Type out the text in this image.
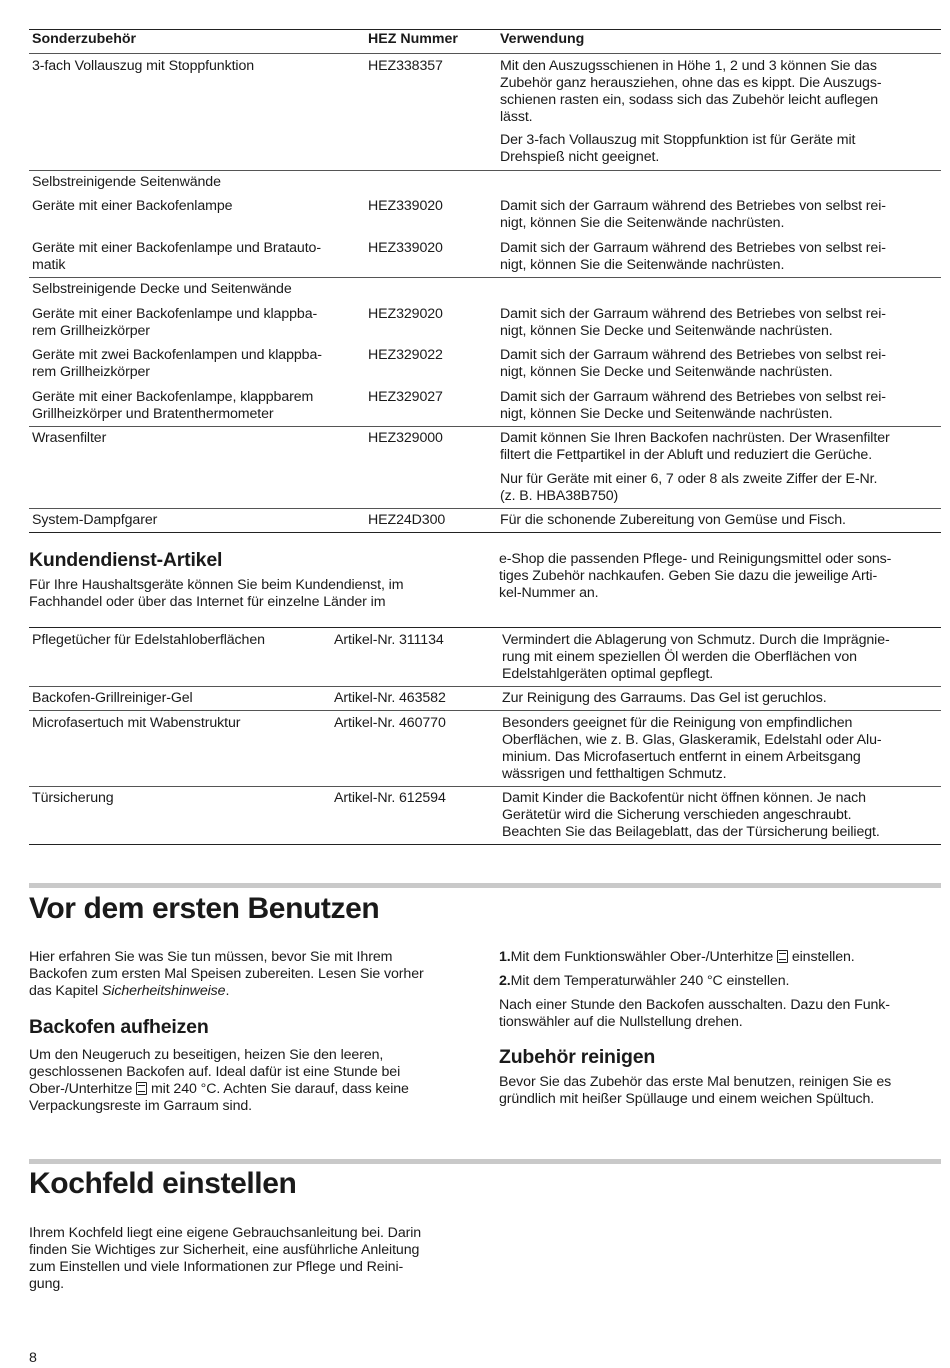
Sonderzubehör	HEZ Nummer	Verwendung
3-fach Vollauszug mit Stoppfunktion	HEZ338357	Mit den Auszugsschienen in Höhe 1, 2 und 3 können Sie das
Zubehör ganz herausziehen, ohne das es kippt. Die Auszugs-
schienen rasten ein, sodass sich das Zubehör leicht auflegen
lässt.
Der 3-fach Vollauszug mit Stoppfunktion ist für Geräte mit
Drehspieß nicht geeignet.
Selbstreinigende Seitenwände
Geräte mit einer Backofenlampe	HEZ339020	Damit sich der Garraum während des Betriebes von selbst rei-
nigt, können Sie die Seitenwände nachrüsten.
Geräte mit einer Backofenlampe und Bratauto-
matik
HEZ339020	Damit sich der Garraum während des Betriebes von selbst rei-
nigt, können Sie die Seitenwände nachrüsten.
Selbstreinigende Decke und Seitenwände
Geräte mit einer Backofenlampe und klappba-
rem Grillheizkörper
HEZ329020	Damit sich der Garraum während des Betriebes von selbst rei-
nigt, können Sie Decke und Seitenwände nachrüsten.
Geräte mit zwei Backofenlampen und klappba-
rem Grillheizkörper
HEZ329022	Damit sich der Garraum während des Betriebes von selbst rei-
nigt, können Sie Decke und Seitenwände nachrüsten.
Geräte mit einer Backofenlampe, klappbarem
Grillheizkörper und Bratenthermometer
HEZ329027	Damit sich der Garraum während des Betriebes von selbst rei-
nigt, können Sie Decke und Seitenwände nachrüsten.
Wrasenfilter	HEZ329000	Damit können Sie Ihren Backofen nachrüsten. Der Wrasenfilter
filtert die Fettpartikel in der Abluft und reduziert die Gerüche.
Nur für Geräte mit einer 6, 7 oder 8 als zweite Ziffer der E-Nr.
(z. B. HBA38B750)
System-Dampfgarer	HEZ24D300	Für die schonende Zubereitung von Gemüse und Fisch.
Kundendienst-Artikel
Für Ihre Haushaltsgeräte können Sie beim Kundendienst, im
Fachhandel oder über das Internet für einzelne Länder im
e-Shop die passenden Pflege- und Reinigungsmittel oder sons-
tiges Zubehör nachkaufen. Geben Sie dazu die jeweilige Arti-
kel-Nummer an.
Pflegetücher für Edelstahloberflächen	Artikel-Nr. 311134	Vermindert die Ablagerung von Schmutz. Durch die Imprägnie-
rung mit einem speziellen Öl werden die Oberflächen von
Edelstahlgeräten optimal gepflegt.
Backofen-Grillreiniger-Gel	Artikel-Nr. 463582	Zur Reinigung des Garraums. Das Gel ist geruchlos.
Microfasertuch mit Wabenstruktur	Artikel-Nr. 460770	Besonders geeignet für die Reinigung von empfindlichen
Oberflächen, wie z. B. Glas, Glaskeramik, Edelstahl oder Alu-
minium. Das Microfasertuch entfernt in einem Arbeitsgang
wässrigen und fetthaltigen Schmutz.
Türsicherung	Artikel-Nr. 612594	Damit Kinder die Backofentür nicht öffnen können. Je nach
Gerätetür wird die Sicherung verschieden angeschraubt.
Beachten Sie das Beilageblatt, das der Türsicherung beiliegt.
Vor dem ersten Benutzen
Hier erfahren Sie was Sie tun müssen, bevor Sie mit Ihrem
Backofen zum ersten Mal Speisen zubereiten. Lesen Sie vorher
das Kapitel Sicherheitshinweise.
Backofen aufheizen
Um den Neugeruch zu beseitigen, heizen Sie den leeren,
geschlossenen Backofen auf. Ideal dafür ist eine Stunde bei
Ober-/Unterhitze mit 240 °C. Achten Sie darauf, dass keine
Verpackungsreste im Garraum sind.
1.Mit dem Funktionswähler Ober-/Unterhitze einstellen.
2.Mit dem Temperaturwähler 240 °C einstellen.
Nach einer Stunde den Backofen ausschalten. Dazu den Funk-
tionswähler auf die Nullstellung drehen.
Zubehör reinigen
Bevor Sie das Zubehör das erste Mal benutzen, reinigen Sie es
gründlich mit heißer Spüllauge und einem weichen Spültuch.
Kochfeld einstellen
Ihrem Kochfeld liegt eine eigene Gebrauchsanleitung bei. Darin
finden Sie Wichtiges zur Sicherheit, eine ausführliche Anleitung
zum Einstellen und viele Informationen zur Pflege und Reini-
gung.
8
